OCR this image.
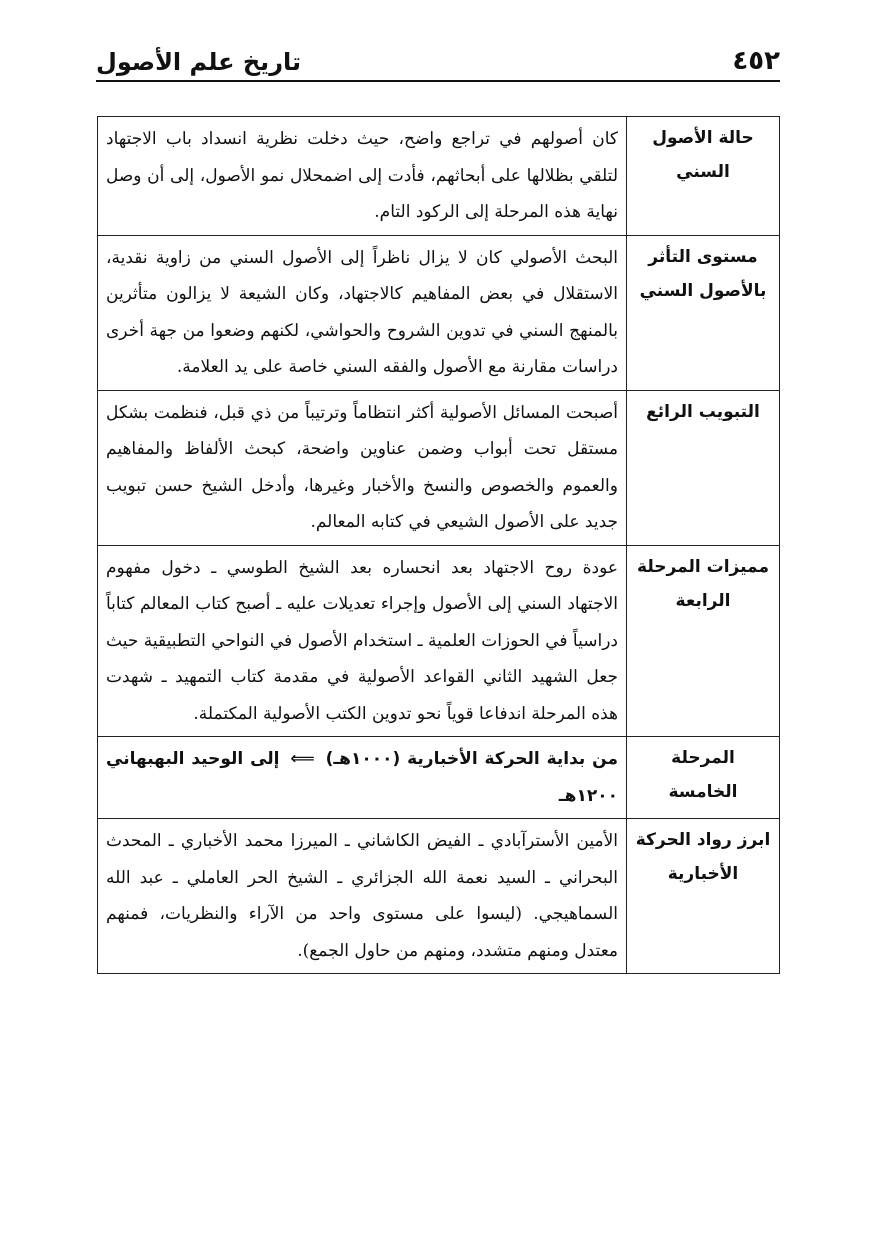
٤٥٢
تاريخ علم الأصول
حالة الأصول السني	كان أصولهم في تراجع واضح، حيث دخلت نظرية انسداد باب الاجتهاد لتلقي بظلالها على أبحاثهم، فأدت إلى اضمحلال نمو الأصول، إلى أن وصل نهاية هذه المرحلة إلى الركود التام.
مستوى التأثر بالأصول السني	البحث الأصولي كان لا يزال ناظراً إلى الأصول السني من زاوية نقدية، الاستقلال في بعض المفاهيم كالاجتهاد، وكان الشيعة لا يزالون متأثرين بالمنهج السني في تدوين الشروح والحواشي، لكنهم وضعوا من جهة أخرى دراسات مقارنة مع الأصول والفقه السني خاصة على يد العلامة.
التبويب الرائع	أصبحت المسائل الأصولية أكثر انتظاماً وترتيباً من ذي قبل، فنظمت بشكل مستقل تحت أبواب وضمن عناوين واضحة، كبحث الألفاظ والمفاهيم والعموم والخصوص والنسخ والأخبار وغيرها، وأدخل الشيخ حسن تبويب جديد على الأصول الشيعي في كتابه المعالم.
مميزات المرحلة الرابعة	عودة روح الاجتهاد بعد انحساره بعد الشيخ الطوسي ـ دخول مفهوم الاجتهاد السني إلى الأصول وإجراء تعديلات عليه ـ أصبح كتاب المعالم كتاباً دراسياً في الحوزات العلمية ـ استخدام الأصول في النواحي التطبيقية حيث جعل الشهيد الثاني القواعد الأصولية في مقدمة كتاب التمهيد ـ شهدت هذه المرحلة اندفاعا قوياً نحو تدوين الكتب الأصولية المكتملة.
المرحلة الخامسة	من بداية الحركة الأخبارية (١٠٠٠هـ) ⟸ إلى الوحيد البهبهاني ١٢٠٠هـ
ابرز رواد الحركة الأخبارية	الأمين الأسترآبادي ـ الفيض الكاشاني ـ الميرزا محمد الأخباري ـ المحدث البحراني ـ السيد نعمة الله الجزائري ـ الشيخ الحر العاملي ـ عبد الله السماهيجي. (ليسوا على مستوى واحد من الآراء والنظريات، فمنهم معتدل ومنهم متشدد، ومنهم من حاول الجمع).
